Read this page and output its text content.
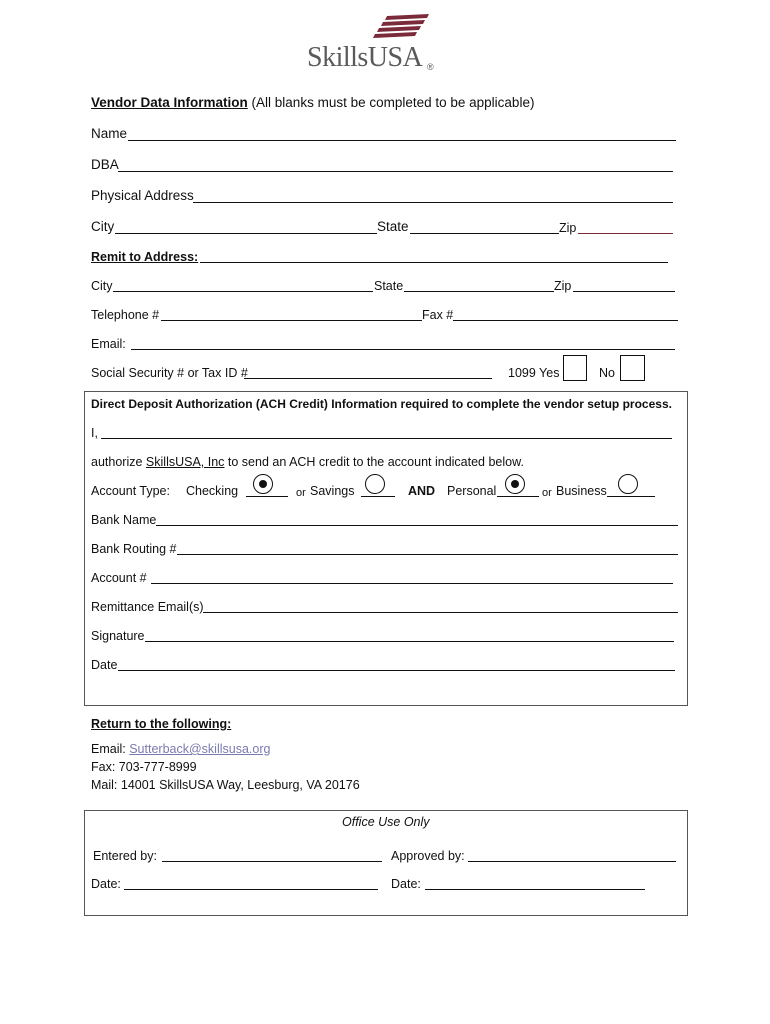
SkillsUSA ®
Vendor Data Information (All blanks must be completed to be applicable)
Name
DBA
Physical Address
City	State	Zip
Remit to Address:
City	State	Zip
Telephone #	Fax #
Email:
Social Security # or Tax ID #	1099 Yes	No
Direct Deposit Authorization (ACH Credit) Information required to complete the vendor setup process.
I,
authorize SkillsUSA, Inc to send an ACH credit to the account indicated below.
Account Type: Checking	or Savings	AND Personal	or Business
Bank Name
Bank Routing #
Account #
Remittance Email(s)
Signature
Date
Return to the following:
Email: Sutterback@skillsusa.org
Fax: 703-777-8999
Mail: 14001 SkillsUSA Way, Leesburg, VA 20176
Office Use Only
Entered by:	Approved by:
Date:	Date:
